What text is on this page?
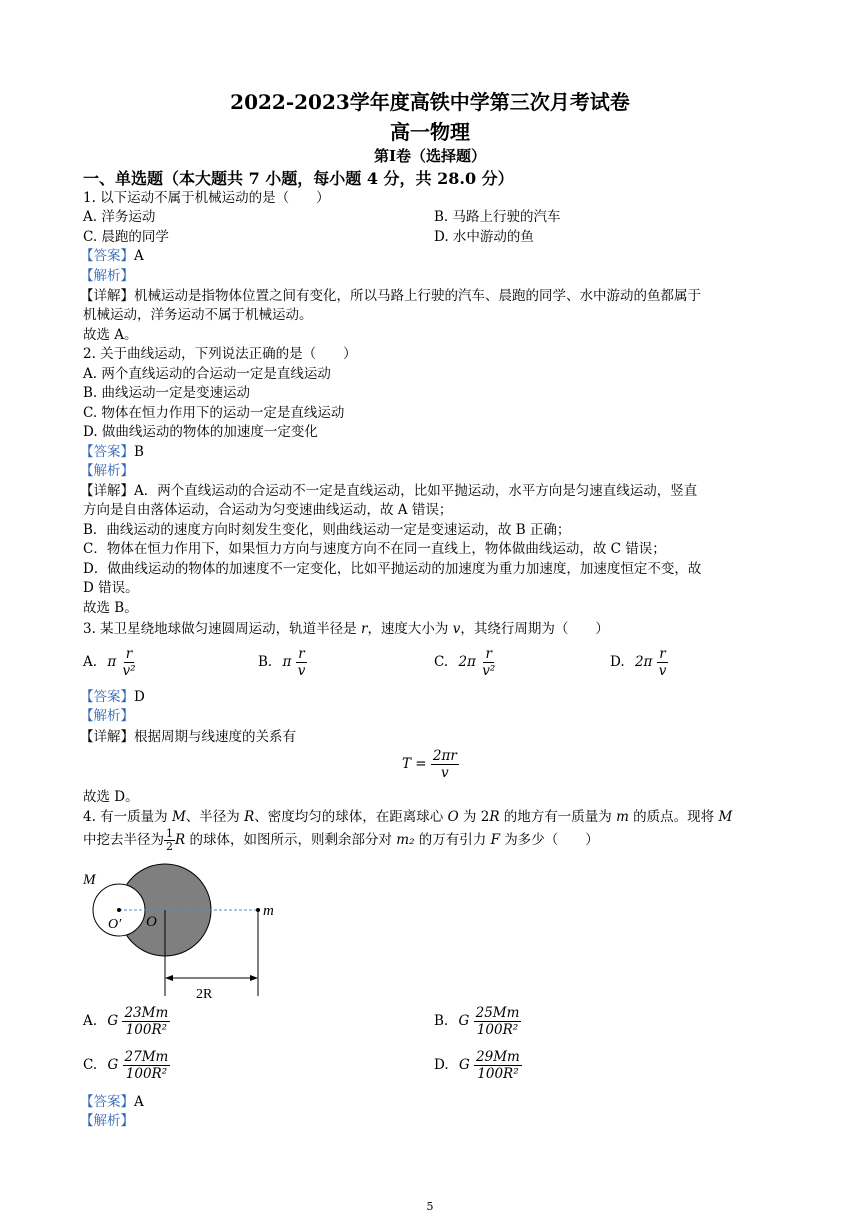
2022-2023学年度高铁中学第三次月考试卷
高一物理
第Ⅰ卷（选择题）
一、单选题（本大题共 7 小题，每小题 4 分，共 28.0 分）
1. 以下运动不属于机械运动的是（　　）
A. 洋务运动	B. 马路上行驶的汽车
C. 晨跑的同学	D. 水中游动的鱼
【答案】A
【解析】
【详解】机械运动是指物体位置之间有变化，所以马路上行驶的汽车、晨跑的同学、水中游动的鱼都属于
机械运动，洋务运动不属于机械运动。
故选 A。
2. 关于曲线运动，下列说法正确的是（　　）
A. 两个直线运动的合运动一定是直线运动
B. 曲线运动一定是变速运动
C. 物体在恒力作用下的运动一定是直线运动
D. 做曲线运动的物体的加速度一定变化
【答案】B
【解析】
【详解】A．两个直线运动的合运动不一定是直线运动，比如平抛运动，水平方向是匀速直线运动，竖直
方向是自由落体运动，合运动为匀变速曲线运动，故 A 错误；
B．曲线运动的速度方向时刻发生变化，则曲线运动一定是变速运动，故 B 正确；
C．物体在恒力作用下，如果恒力方向与速度方向不在同一直线上，物体做曲线运动，故 C 错误；
D．做曲线运动的物体的加速度不一定变化，比如平抛运动的加速度为重力加速度，加速度恒定不变，故
D 错误。
故选 B。
3. 某卫星绕地球做匀速圆周运动，轨道半径是 r，速度大小为 v，其绕行周期为（　　）
A. π $\frac{r}{\text{v²}}$	B. π $\frac{r}{v}$	C. $2\pi \frac{r}{\text{v²}}$	D. $2\pi \frac{r}{v}$
【答案】D
【解析】
【详解】根据周期与线速度的关系有
$T = \frac{2\pi r}{v}$
故选 D。
4. 有一质量为 M、半径为 R、密度均匀的球体，在距离球心 O 为 2R 的地方有一质量为 m 的质点。现将 M
中挖去半径为 $\frac{1}{2}$ R 的球体，如图所示，则剩余部分对 m₂ 的万有引力 F 为多少（　　）
M
O
O′
m
2R
A. G $\frac{23Mm}{\text{100R²}}$	B. G $\frac{25Mm}{\text{100R²}}$
C. G $\frac{27Mm}{\text{100R²}}$	D. G $\frac{29Mm}{\text{100R²}}$
【答案】A
【解析】
5
